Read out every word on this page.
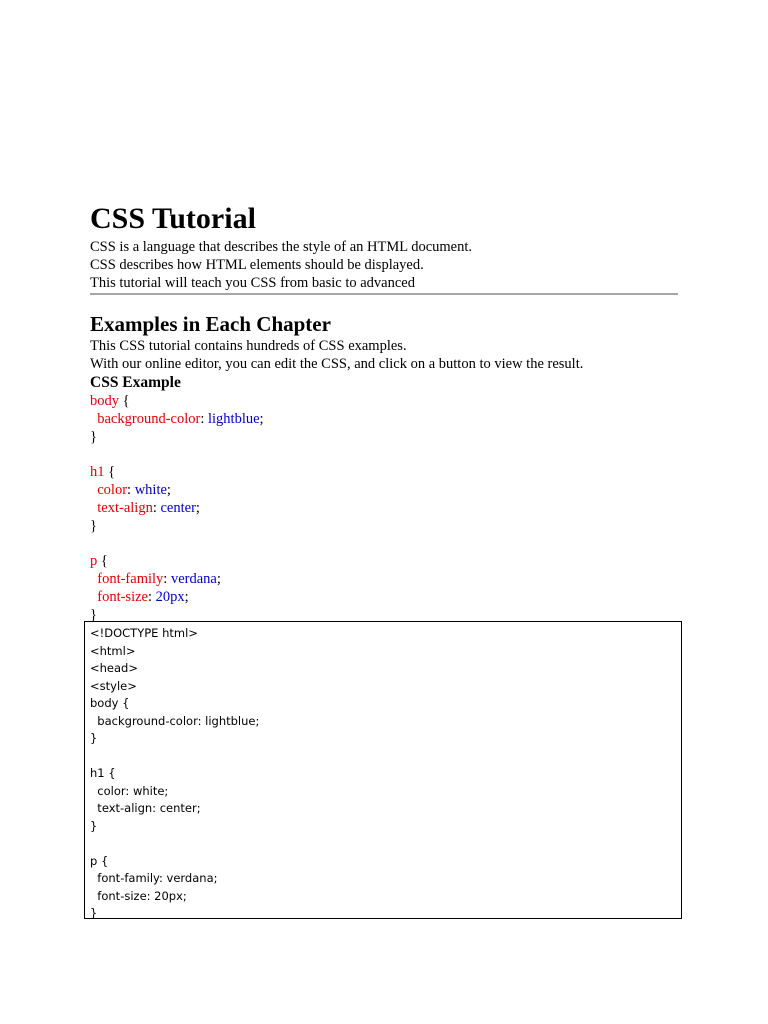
CSS Tutorial

CSS is a language that describes the style of an HTML document.

CSS describes how HTML elements should be displayed.

This tutorial will teach you CSS from basic to advanced

Examples in Each Chapter

This CSS tutorial contains hundreds of CSS examples.

With our online editor, you can edit the CSS, and click on a button to view the result.

CSS Example
body {
background-color: lightblue;
}
h1 {
color: white;
text-align: center;
}
p {
font-family: verdana;
font-size: 20px;
}
<!DOCTYPE html>
<html>
<head>
<style>
body {
background-color: lightblue;
}
h1 {
color: white;
text-align: center;
}
p {
font-family: verdana;
font-size: 20px;
}
